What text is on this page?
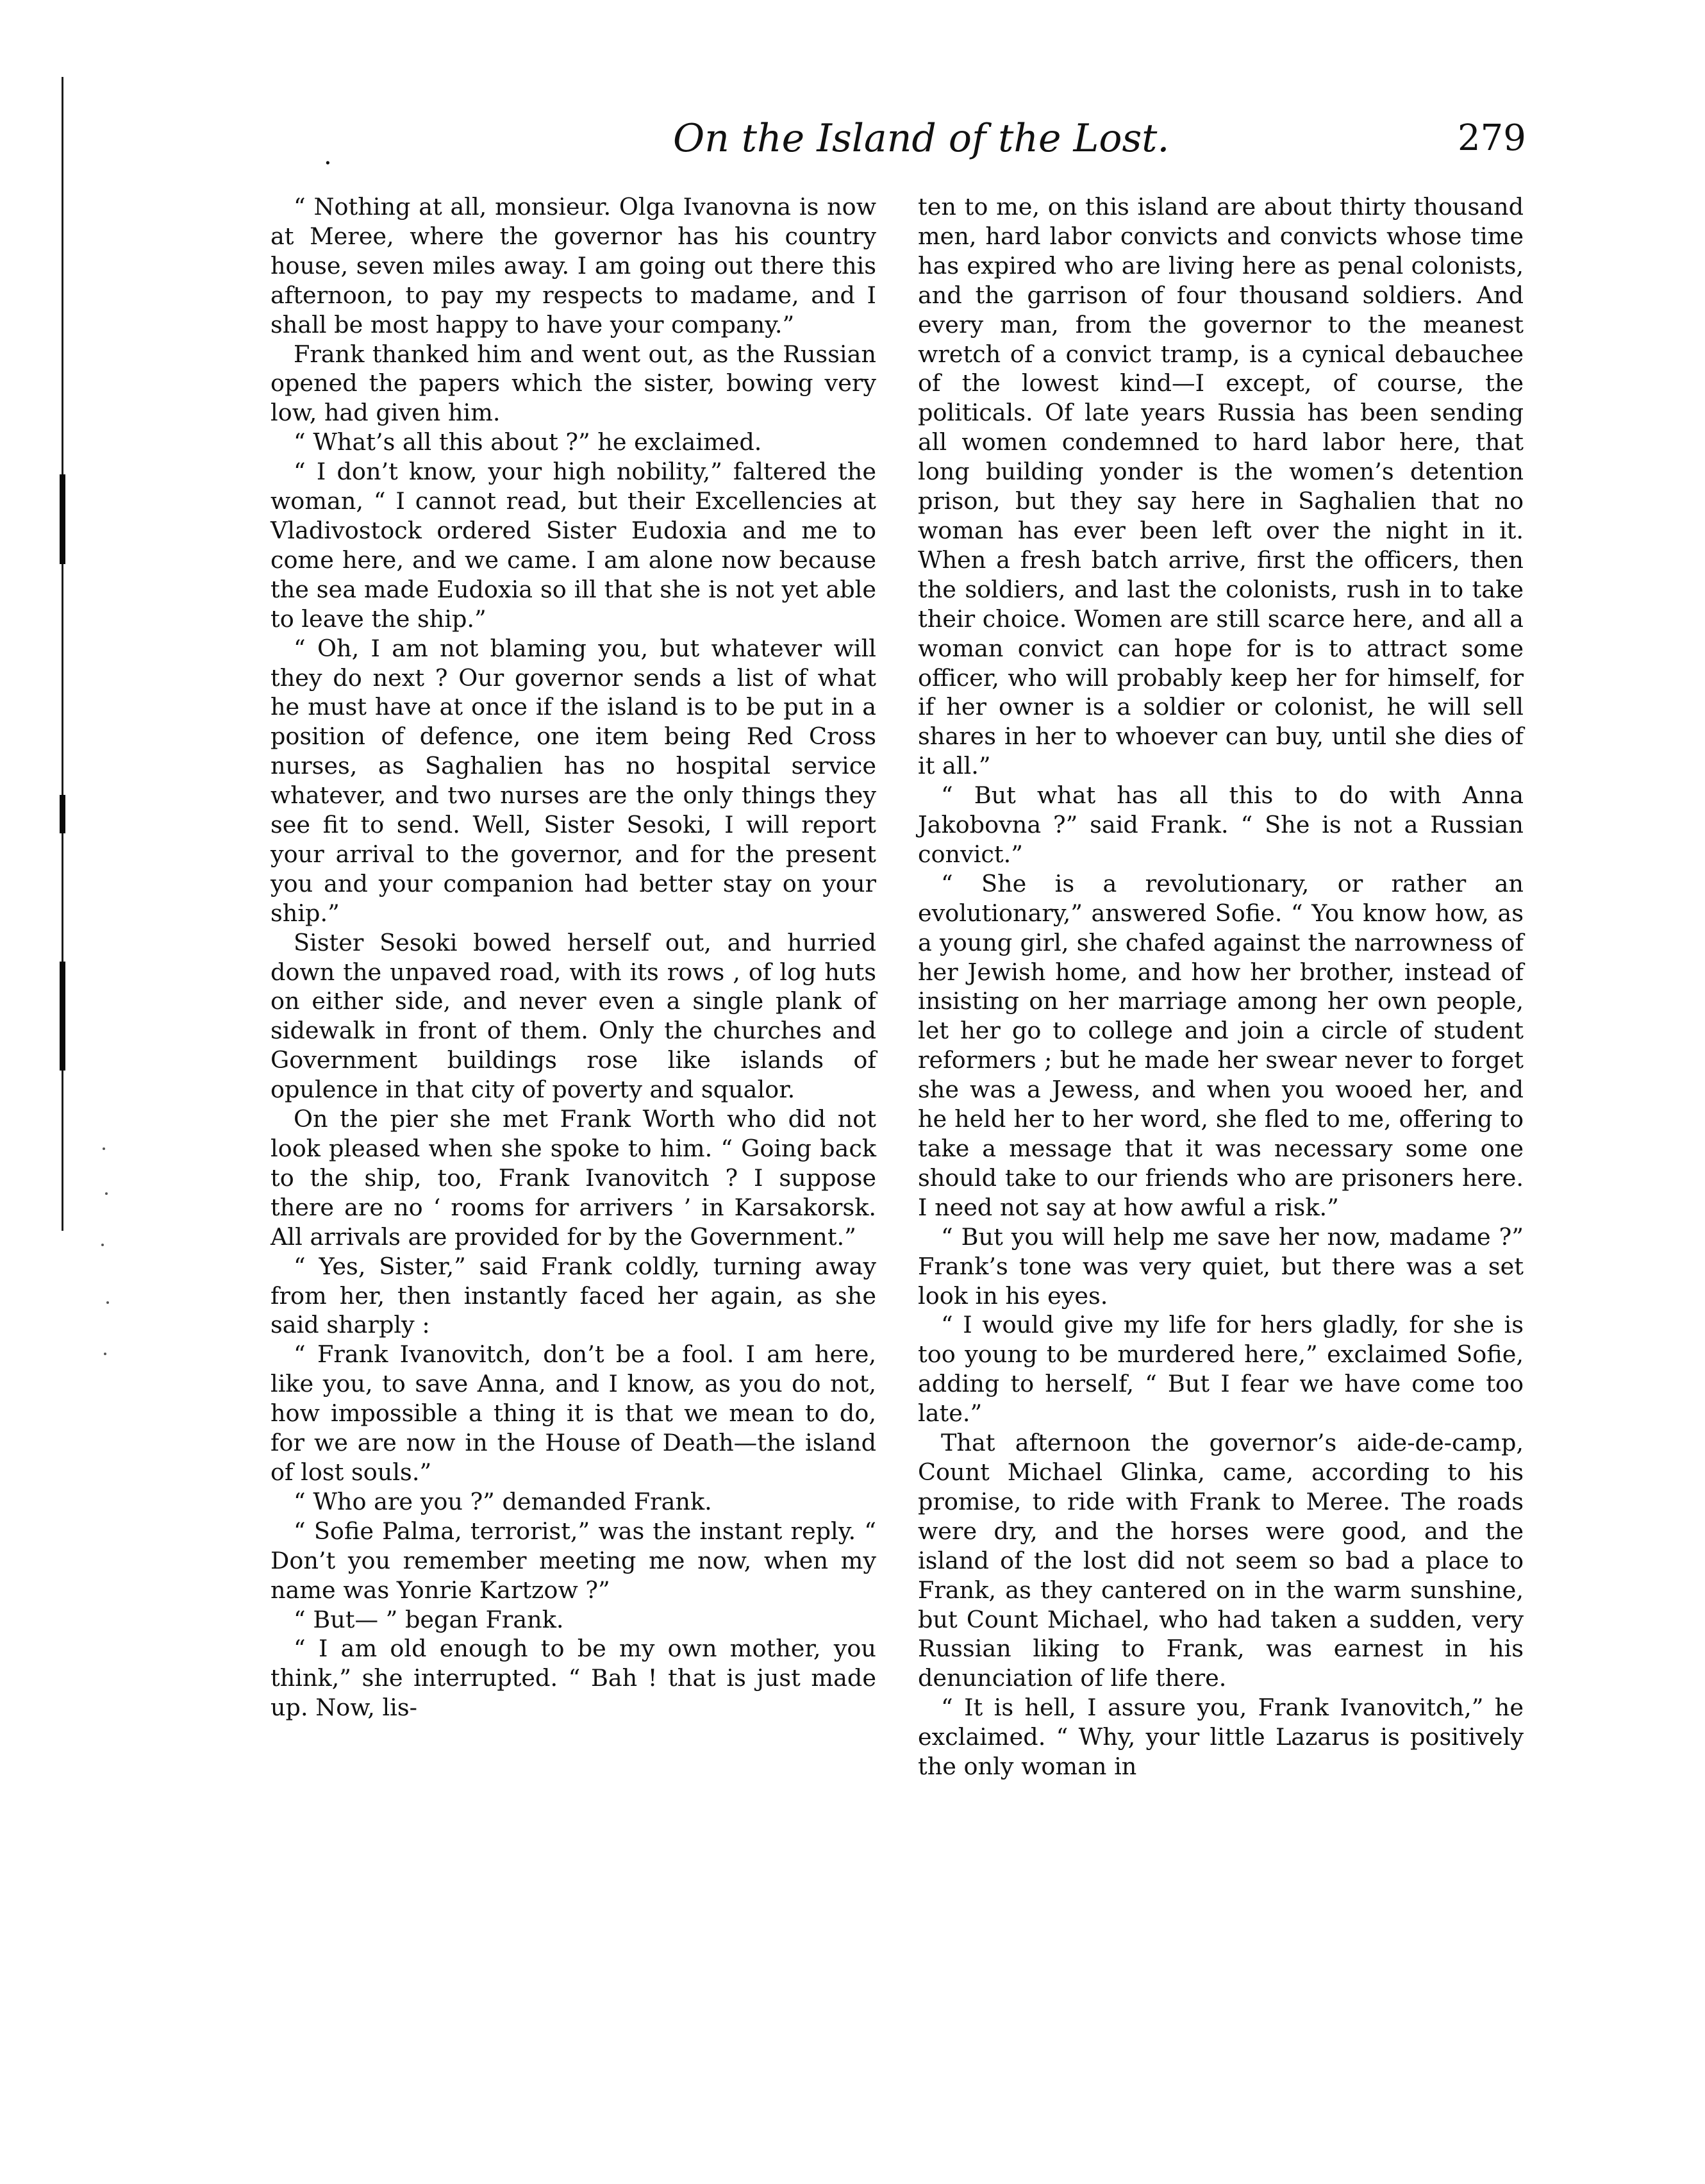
.	On the Island of the Lost.	279

“ Nothing at all, monsieur. Olga Ivanovna is now at Meree, where the governor has his country house, seven miles away. I am going out there this afternoon, to pay my respects to madame, and I shall be most happy to have your company.”

Frank thanked him and went out, as the Russian opened the papers which the sister, bowing very low, had given him.

“ What’s all this about ?” he exclaimed.

“ I don’t know, your high nobility,” faltered the woman, “ I cannot read, but their Excellencies at Vladivostock ordered Sister Eudoxia and me to come here, and we came. I am alone now because the sea made Eudoxia so ill that she is not yet able to leave the ship.”

“ Oh, I am not blaming you, but whatever will they do next ? Our governor sends a list of what he must have at once if the island is to be put in a position of defence, one item being Red Cross nurses, as Saghalien has no hospital service whatever, and two nurses are the only things they see fit to send. Well, Sister Sesoki, I will report your arrival to the governor, and for the present you and your companion had better stay on your ship.”

Sister Sesoki bowed herself out, and hurried down the unpaved road, with its rows , of log huts on either side, and never even a single plank of sidewalk in front of them. Only the churches and Government buildings rose like islands of opulence in that city of poverty and squalor.

On the pier she met Frank Worth who did not look pleased when she spoke to him. “ Going back to the ship, too, Frank Ivanovitch ? I suppose there are no ‘ rooms for arrivers ’ in Karsakorsk. All arrivals are provided for by the Government.”

“ Yes, Sister,” said Frank coldly, turning away from her, then instantly faced her again, as she said sharply :

“ Frank Ivanovitch, don’t be a fool. I am here, like you, to save Anna, and I know, as you do not, how impossible a thing it is that we mean to do, for we are now in the House of Death—the island of lost souls.”

“ Who are you ?” demanded Frank.

“ Sofie Palma, terrorist,” was the instant reply. “ Don’t you remember meeting me now, when my name was Yonrie Kartzow ?”

“ But— ” began Frank.

“ I am old enough to be my own mother, you think,” she interrupted. “ Bah ! that is just made up. Now, lis-

ten to me, on this island are about thirty thousand men, hard labor convicts and convicts whose time has expired who are living here as penal colonists, and the garrison of four thousand soldiers. And every man, from the governor to the meanest wretch of a convict tramp, is a cynical debauchee of the lowest kind—I except, of course, the politicals. Of late years Russia has been sending all women condemned to hard labor here, that long building yonder is the women’s detention prison, but they say here in Saghalien that no woman has ever been left over the night in it. When a fresh batch arrive, first the officers, then the soldiers, and last the colonists, rush in to take their choice. Women are still scarce here, and all a woman convict can hope for is to attract some officer, who will probably keep her for himself, for if her owner is a soldier or colonist, he will sell shares in her to whoever can buy, until she dies of it all.”

“ But what has all this to do with Anna Jakobovna ?” said Frank. “ She is not a Russian convict.”

“ She is a revolutionary, or rather an evolutionary,” answered Sofie. “ You know how, as a young girl, she chafed against the narrowness of her Jewish home, and how her brother, instead of insisting on her marriage among her own people, let her go to college and join a circle of student reformers ; but he made her swear never to forget she was a Jewess, and when you wooed her, and he held her to her word, she fled to me, offering to take a message that it was necessary some one should take to our friends who are prisoners here. I need not say at how awful a risk.”

“ But you will help me save her now, madame ?” Frank’s tone was very quiet, but there was a set look in his eyes.

“ I would give my life for hers gladly, for she is too young to be murdered here,” exclaimed Sofie, adding to herself, “ But I fear we have come too late.”

That afternoon the governor’s aide-de-camp, Count Michael Glinka, came, according to his promise, to ride with Frank to Meree. The roads were dry, and the horses were good, and the island of the lost did not seem so bad a place to Frank, as they cantered on in the warm sunshine, but Count Michael, who had taken a sudden, very Russian liking to Frank, was earnest in his denunciation of life there.

“ It is hell, I assure you, Frank Ivanovitch,” he exclaimed. “ Why, your little Lazarus is positively the only woman in
